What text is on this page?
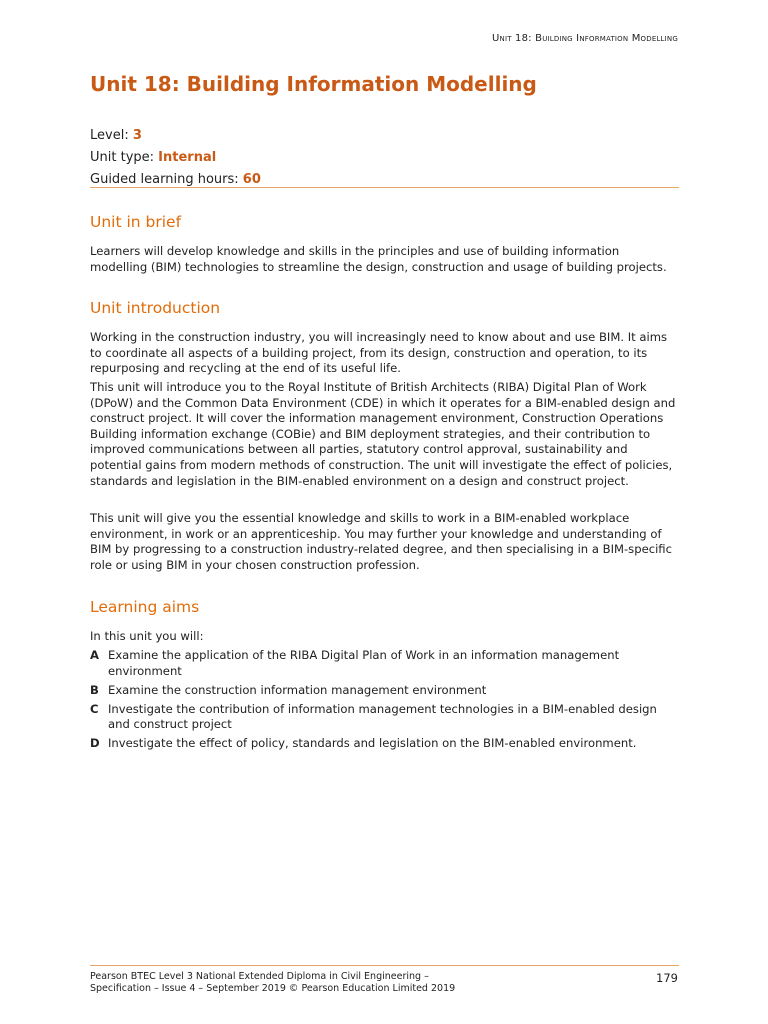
Unit 18: Building Information Modelling
Unit 18: Building Information Modelling
Level: 3
Unit type: Internal
Guided learning hours: 60
Unit in brief

Learners will develop knowledge and skills in the principles and use of building information modelling (BIM) technologies to streamline the design, construction and usage of building projects.

Unit introduction

Working in the construction industry, you will increasingly need to know about and use BIM. It aims to coordinate all aspects of a building project, from its design, construction and operation, to its repurposing and recycling at the end of its useful life.

This unit will introduce you to the Royal Institute of British Architects (RIBA) Digital Plan of Work (DPoW) and the Common Data Environment (CDE) in which it operates for a BIM-enabled design and construct project. It will cover the information management environment, Construction Operations Building information exchange (COBie) and BIM deployment strategies, and their contribution to improved communications between all parties, statutory control approval, sustainability and potential gains from modern methods of construction. The unit will investigate the effect of policies, standards and legislation in the BIM-enabled environment on a design and construct project.

This unit will give you the essential knowledge and skills to work in a BIM-enabled workplace environment, in work or an apprenticeship. You may further your knowledge and understanding of BIM by progressing to a construction industry-related degree, and then specialising in a BIM-specific role or using BIM in your chosen construction profession.

Learning aims
In this unit you will:
A Examine the application of the RIBA Digital Plan of Work in an information management environment
B Examine the construction information management environment
C Investigate the contribution of information management technologies in a BIM-enabled design and construct project
D Investigate the effect of policy, standards and legislation on the BIM-enabled environment.
Pearson BTEC Level 3 National Extended Diploma in Civil Engineering –
Specification – Issue 4 – September 2019 © Pearson Education Limited 2019
179
